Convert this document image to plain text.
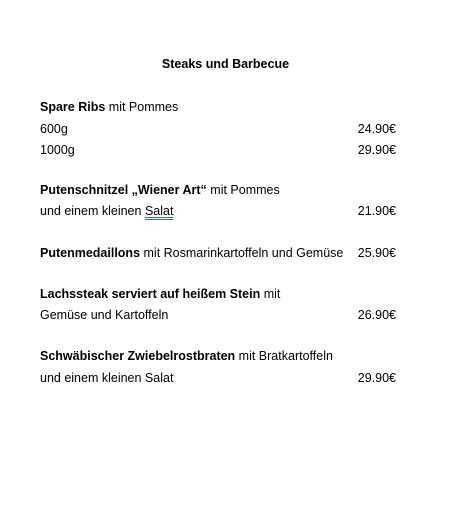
Steaks und Barbecue
Spare Ribs mit Pommes
600g	24.90€
1000g	29.90€
Putenschnitzel „Wiener Art“ mit Pommes
und einem kleinen Salat	21.90€
Putenmedaillons mit Rosmarinkartoffeln und Gemüse 25.90€
Lachssteak serviert auf heißem Stein mit
Gemüse und Kartoffeln	26.90€
Schwäbischer Zwiebelrostbraten mit Bratkartoffeln
und einem kleinen Salat	29.90€
